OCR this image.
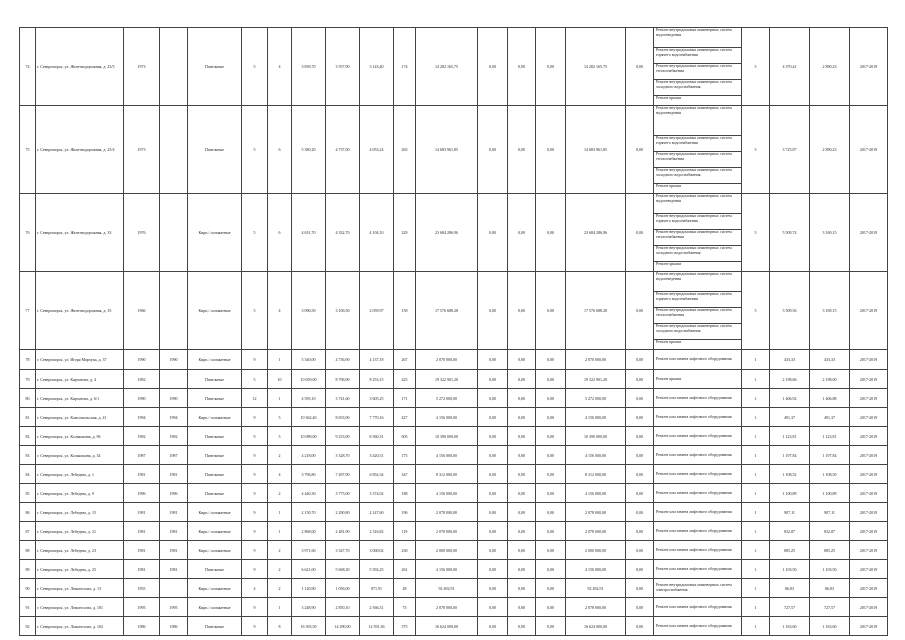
74	г. Североморск, ул. Железнодорожная, д. 23/5	1973		Панельные	5	4	3 839,70	3 557,90	3 143,40	174	14 282 165,75	0,00	0,00	0,00	14 282 165,75	0,00	Ремонт внутридомовых инженерных систем водоотведения
Ремонт внутридомовых инженерных систем горячего водоснабжения
Ремонт внутридомовых инженерных систем теплоснабжения
Ремонт внутридомовых инженерных систем холодного водоснабжения
Ремонт крыши	5	4 370,41	2 890,23	2017-2019
75	г. Североморск, ул. Железнодорожная, д. 25/4	1973		Панельные	5	6	5 380,20	4 737,00	4 053,24	265	14 683 961,85	0,00	0,00	0,00	14 683 961,85	0,00	Ремонт внутридомовых инженерных систем водоотведения
Ремонт внутридомовых инженерных систем горячего водоснабжения
Ремонт внутридомовых инженерных систем теплоснабжения
Ремонт внутридомовых инженерных систем холодного водоснабжения
Ремонт крыши	5	3 725,87	2 890,23	2017-2019
76	г. Североморск, ул. Железнодорожная, д. 33	1976		Кирп./ силикатные	5	6	4 631,70	4 332,70	4 104,10	229	23 684 286,96	0,00	0,00	0,00	23 684 286,96	0,00	Ремонт внутридомовых инженерных систем водоотведения
Ремонт внутридомовых инженерных систем горячего водоснабжения
Ремонт внутридомовых инженерных систем теплоснабжения
Ремонт внутридомовых инженерных систем холодного водоснабжения
Ремонт крыши	5	5 509,74	3 169,15	2017-2019
77	г. Североморск, ул. Железнодорожная, д. 35	1966		Кирп./ силикатные	5	4	3 096,50	3 106,50	2 059,97	158	17 576 688,28	0,00	0,00	0,00	17 576 688,28	0,00	Ремонт внутридомовых инженерных систем водоотведения
Ремонт внутридомовых инженерных систем горячего водоснабжения
Ремонт внутридомовых инженерных систем теплоснабжения
Ремонт внутридомовых инженерных систем холодного водоснабжения
Ремонт крыши	5	5 509,56	3 169,15	2017-2019
78	г. Североморск, ул. Игоря Марчука, д. 37	1990	1990	Кирп./ силикатные	9	1	5 340,00	4 736,90	4 137,18	267	2 070 000,00	0,00	0,00	0,00	2 070 000,00	0,00	Ремонт или замена лифтового оборудования	1	433,33	433,33	2017-2019
79	г. Североморск, ул. Кирчатова, д. 4	1982		Панельные	5	10	10 059,00	8 796,90	8 253,15	425	19 322 901,20	0,00	0,00	0,00	19 322 901,20	0,00	Ремонт крыши	1	2 198,66	2 198,00	2017-2019
80	г. Североморск, ул. Кирчатова, д. 6/1	1990	1990	Панельные	12	1	4 595,10	3 741,60	3 605,25	171	5 272 000,00	0,00	0,00	0,00	5 272 000,00	0,00	Ремонт или замена лифтового оборудования	1	1 406,92	1 406,88	2017-2019
81	г. Североморск, ул. Комсомольская, д. 41	1994	1994	Кирп./ силикатные	9	5	10 362,40	8 653,90	7 770,16	427	4 156 000,00	0,00	0,00	0,00	4 156 000,00	0,00	Ремонт или замена лифтового оборудования	1	491,37	491,37	2017-2019
82	г. Североморск, ул. Колышкина, д. 96	1982	1982	Панельные	9	5	10 089,00	9 253,90	8 360,31	605	10 390 000,00	0,00	0,00	0,00	10 390 000,00	0,00	Ремонт или замена лифтового оборудования	1	1 123,81	1 123,81	2017-2019
83	г. Североморск, ул. Колышкина, д. 34	1987	1987	Панельные	9	2	4 218,00	3 328,70	3 420,51	175	4 156 000,00	0,00	0,00	0,00	4 156 000,00	0,00	Ремонт или замена лифтового оборудования	1	1 197,84	1 197,84	2017-2019
84	г. Североморск, ул. Лебедева, д. 1	1981	1981	Панельные	9	4	3 796,80	7 497,90	6 854,34	347	8 312 000,00	0,00	0,00	0,00	8 312 000,00	0,00	Ремонт или замена лифтового оборудования	1	1 108,52	1 108,50	2017-2019
85	г. Североморск, ул. Лебедева, д. 9	1996	1996	Панельные	9	2	4 440,30	3 775,00	3 374,02	188	4 156 000,00	0,00	0,00	0,00	4 156 000,00	0,00	Ремонт или замена лифтового оборудования	1	1 100,89	1 100,89	2017-2019
86	г. Североморск, ул. Лебедева, д. 15	1981	1981	Кирп./ силикатные	9	1	2 150,70	2 290,80	2 147,60	196	2 078 000,00	0,00	0,00	0,00	2 078 000,00	0,00	Ремонт или замена лифтового оборудования	1	907,11	907,11	2017-2019
87	г. Североморск, ул. Лебедева, д. 21	1981	1981	Кирп./ силикатные	9	1	2 868,00	2 481,90	2 316,82	119	2 078 000,00	0,00	0,00	0,00	2 078 000,00	0,00	Ремонт или замена лифтового оборудования	1	832,87	832,87	2017-2019
88	г. Североморск, ул. Лебедева, д. 23	1981	1981	Кирп./ силикатные	9	2	3 971,60	3 347,70	3 000,02	230	2 000 000,00	0,00	0,00	0,00	2 000 000,00	0,00	Ремонт или замена лифтового оборудования	1	885,25	885,25	2017-2019
89	г. Североморск, ул. Лебедева, д. 25	1981	1981	Панельные	9	2	6 621,00	5 668,30	5 392,25	261	4 156 000,00	0,00	0,00	0,00	4 156 000,00	0,00	Ремонт или замена лифтового оборудования	1	1 103,50	1 103,50	2017-2019
90	г. Североморск, ул. Ломоносова, д. 13	1955		Кирп./ силикатные	4	2	1 120,90	1 056,00	871,91	48	92 492,91	0,00	0,00	0,00	92 492,91	0,00	Ремонт внутридомовых инженерных систем электроснабжения	1	86,83	86,83	2017-2019
91	г. Североморск, ул. Ломоносова, д. 101	1995	1995	Кирп./ силикатные	9	1	3 248,90	2 850,10	2 566,51	73	2 078 000,00	0,00	0,00	0,00	2 078 000,00	0,00	Ремонт или замена лифтового оборудования	1	727,57	727,57	2017-2019
92	г. Североморск, ул. Ломоносова, д. 102	1986	1986	Панельные	9	8	16 393,50	14 290,00	12 591,36	575	16 624 000,00	0,00	0,00	0,00	16 624 000,00	0,00	Ремонт или замена лифтового оборудования	1	1 163,60	1 163,60	2017-2019
